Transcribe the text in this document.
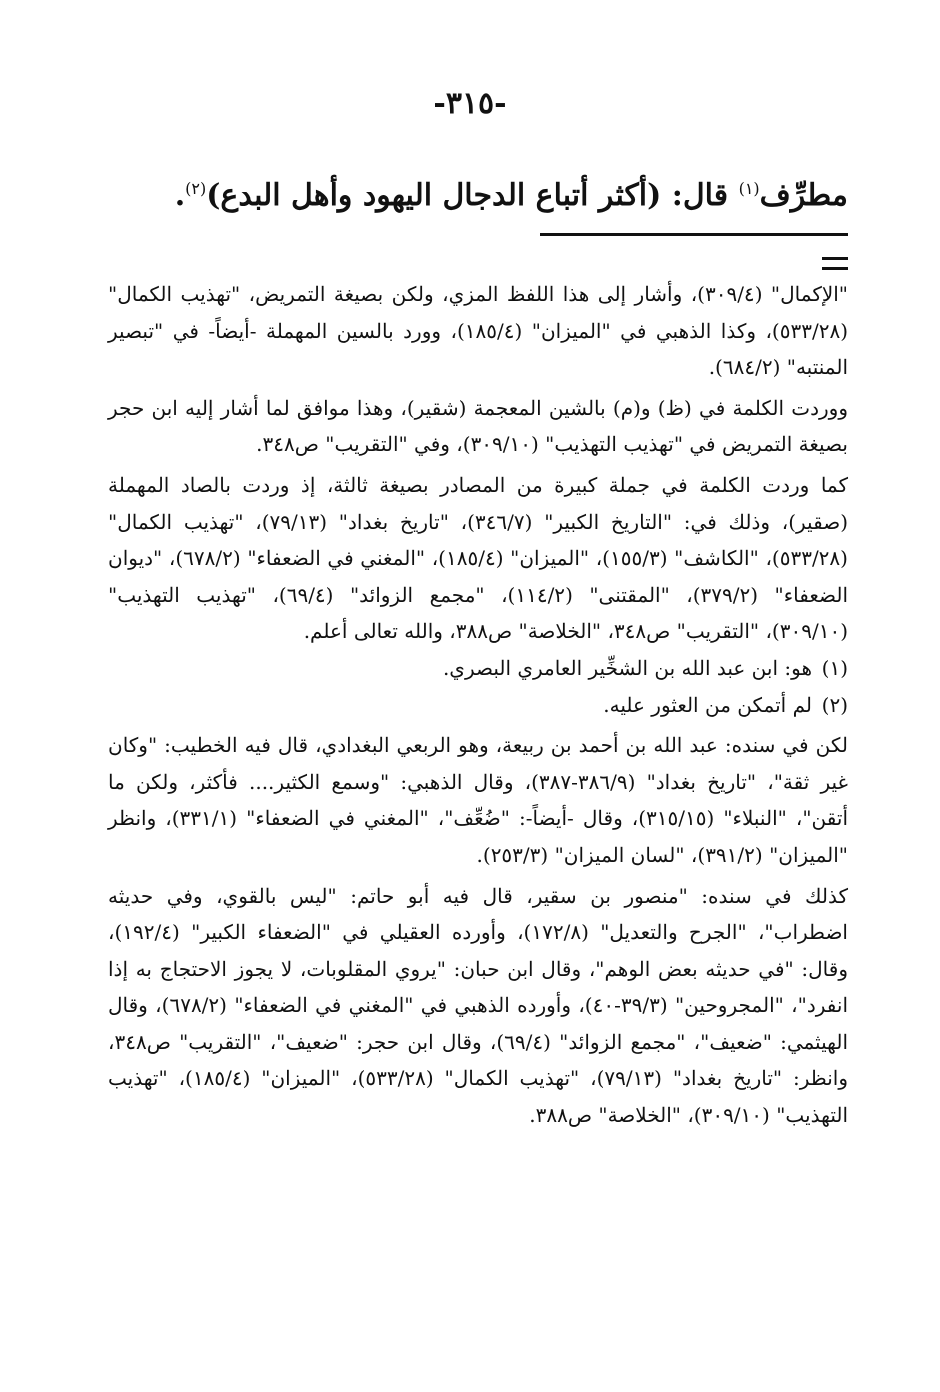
-٣١٥-
مطرِّف$^{(١)}$ قال: (أكثر أتباع الدجال اليهود وأهل البدع)$^{(٢)}$.

"الإكمال" (٣٠٩/٤)، وأشار إلى هذا اللفظ المزي، ولكن بصيغة التمريض، "تهذيب الكمال" (٥٣٣/٢٨)، وكذا الذهبي في "الميزان" (١٨٥/٤)، وورد بالسين المهملة -أيضاً- في "تبصير المنتبه" (٦٨٤/٢).

ووردت الكلمة في (ظ) و(م) بالشين المعجمة (شقير)، وهذا موافق لما أشار إليه ابن حجر بصيغة التمريض في "تهذيب التهذيب" (٣٠٩/١٠)، وفي "التقريب" ص٣٤٨.

كما وردت الكلمة في جملة كبيرة من المصادر بصيغة ثالثة، إذ وردت بالصاد المهملة (صقير)، وذلك في: "التاريخ الكبير" (٣٤٦/٧)، "تاريخ بغداد" (٧٩/١٣)، "تهذيب الكمال" (٥٣٣/٢٨)، "الكاشف" (١٥٥/٣)، "الميزان" (١٨٥/٤)، "المغني في الضعفاء" (٦٧٨/٢)، "ديوان الضعفاء" (٣٧٩/٢)، "المقتنى" (١١٤/٢)، "مجمع الزوائد" (٦٩/٤)، "تهذيب التهذيب" (٣٠٩/١٠)، "التقريب" ص٣٤٨، "الخلاصة" ص٣٨٨، والله تعالى أعلم.

(١)هو: ابن عبد الله بن الشخِّير العامري البصري.

(٢)لم أتمكن من العثور عليه.

لكن في سنده: عبد الله بن أحمد بن ربيعة، وهو الربعي البغدادي، قال فيه الخطيب: "وكان غير ثقة"، "تاريخ بغداد" (٣٨٦/٩-٣٨٧)، وقال الذهبي: "وسمع الكثير.... فأكثر، ولكن ما أتقن"، "النبلاء" (٣١٥/١٥)، وقال -أيضاً-: "ضُعِّف"، "المغني في الضعفاء" (٣٣١/١)، وانظر "الميزان" (٣٩١/٢)، "لسان الميزان" (٢٥٣/٣).

كذلك في سنده: "منصور بن سقير، قال فيه أبو حاتم: "ليس بالقوي، وفي حديثه اضطراب"، "الجرح والتعديل" (١٧٢/٨)، وأورده العقيلي في "الضعفاء الكبير" (١٩٢/٤)، وقال: "في حديثه بعض الوهم"، وقال ابن حبان: "يروي المقلوبات، لا يجوز الاحتجاج به إذا انفرد"، "المجروحين" (٣٩/٣-٤٠)، وأورده الذهبي في "المغني في الضعفاء" (٦٧٨/٢)، وقال الهيثمي: "ضعيف"، "مجمع الزوائد" (٦٩/٤)، وقال ابن حجر: "ضعيف"، "التقريب" ص٣٤٨، وانظر: "تاريخ بغداد" (٧٩/١٣)، "تهذيب الكمال" (٥٣٣/٢٨)، "الميزان" (١٨٥/٤)، "تهذيب التهذيب" (٣٠٩/١٠)، "الخلاصة" ص٣٨٨.
